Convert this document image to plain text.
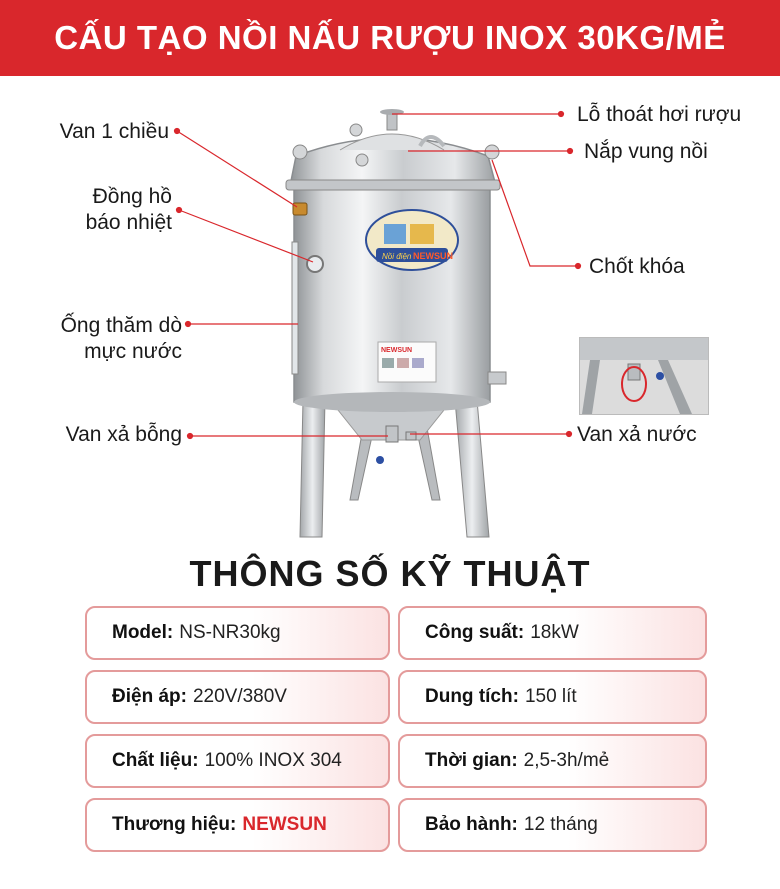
CẤU TẠO NỒI NẤU RƯỢU INOX 30KG/MẺ
Nồi điện NEWSUN
NEWSUN
Van 1 chiều
Đồng hồ
báo nhiệt
Ống thăm dò
mực nước
Van xả bỗng
Lỗ thoát hơi rượu
Nắp vung nồi
Chốt khóa
Van xả nước
THÔNG SỐ KỸ THUẬT
Model: NS-NR30kg	Công suất: 18kW
Điện áp: 220V/380V	Dung tích: 150 lít
Chất liệu: 100% INOX 304	Thời gian: 2,5-3h/mẻ
Thương hiệu: NEWSUN	Bảo hành: 12 tháng
